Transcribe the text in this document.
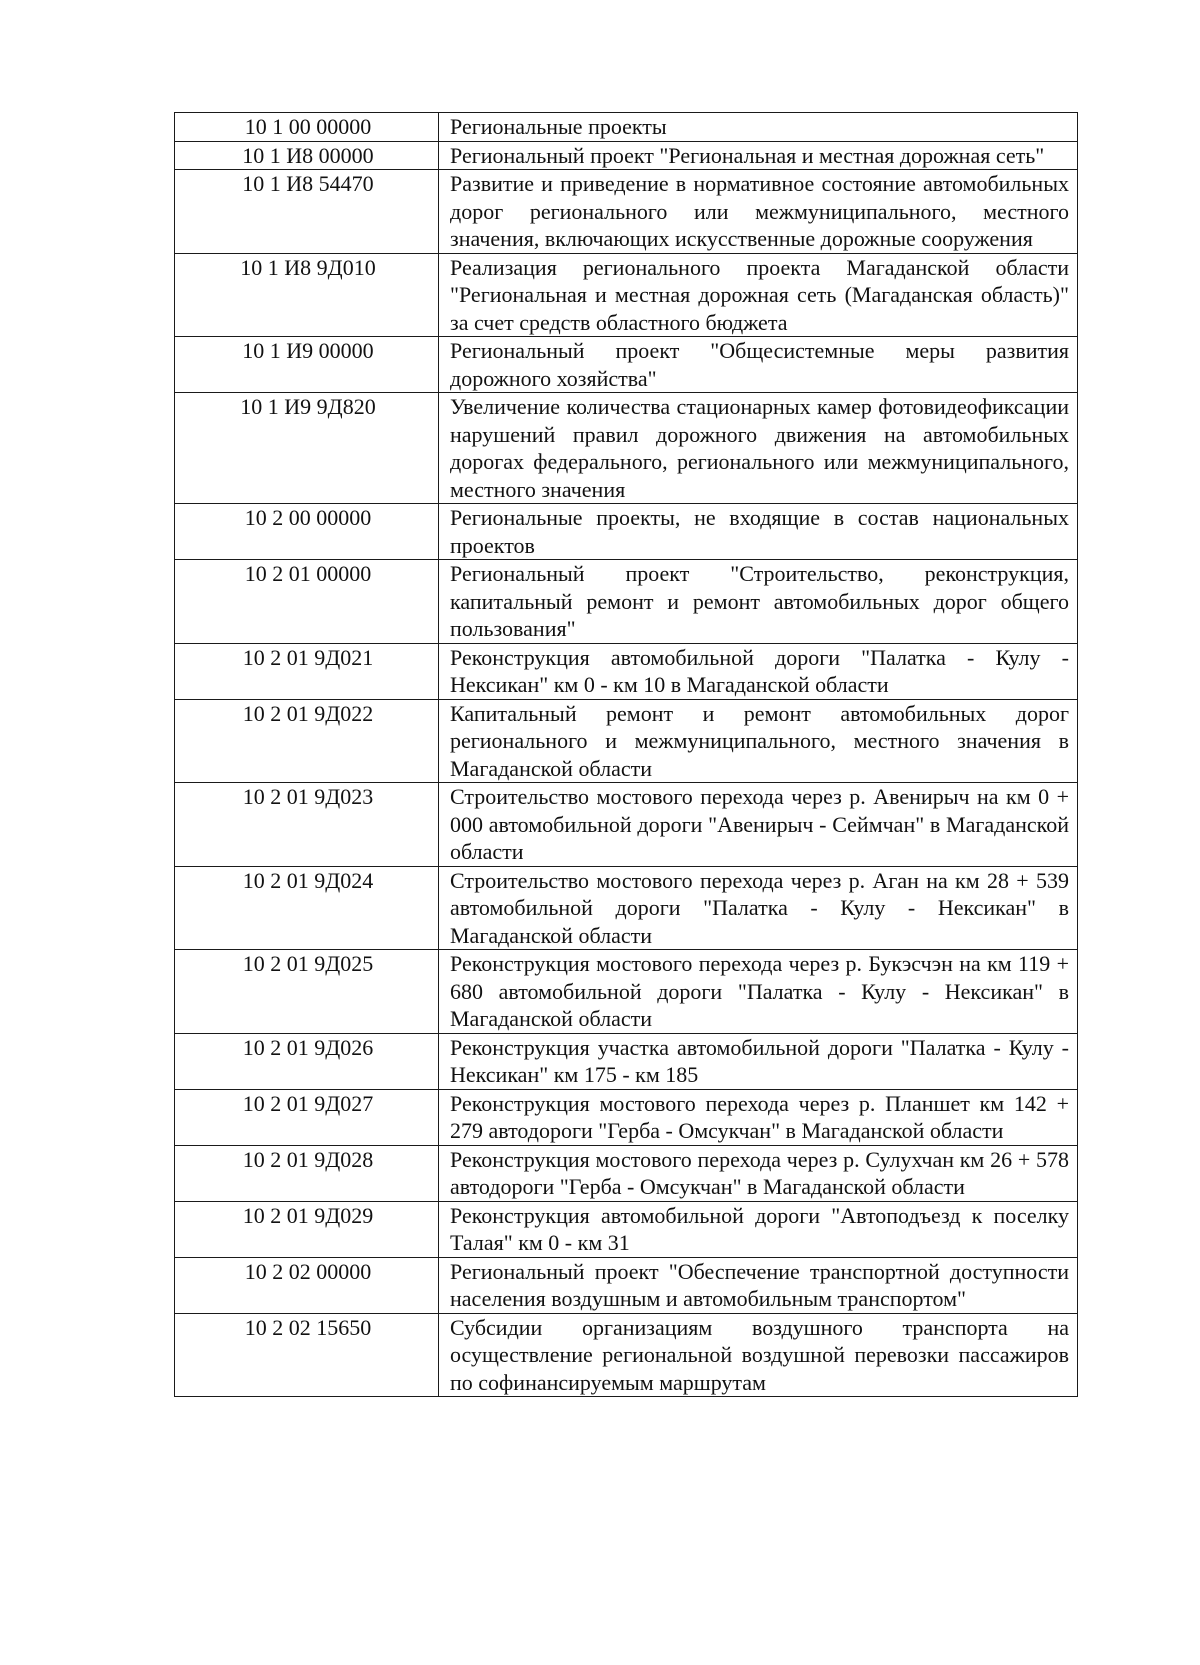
10 1 00 00000	Региональные проекты
10 1 И8 00000	Региональный проект "Региональная и местная дорожная сеть"
10 1 И8 54470	Развитие и приведение в нормативное состояние автомобильных дорог регионального или межмуниципального, местного значения, включающих искусственные дорожные сооружения
10 1 И8 9Д010	Реализация регионального проекта Магаданской области "Региональная и местная дорожная сеть (Магаданская область)" за счет средств областного бюджета
10 1 И9 00000	Региональный проект "Общесистемные меры развития дорожного хозяйства"
10 1 И9 9Д820	Увеличение количества стационарных камер фотовидеофиксации нарушений правил дорожного движения на автомобильных дорогах федерального, регионального или межмуниципального, местного значения
10 2 00 00000	Региональные проекты, не входящие в состав национальных проектов
10 2 01 00000	Региональный проект "Строительство, реконструкция, капитальный ремонт и ремонт автомобильных дорог общего пользования"
10 2 01 9Д021	Реконструкция автомобильной дороги "Палатка - Кулу - Нексикан" км 0 - км 10 в Магаданской области
10 2 01 9Д022	Капитальный ремонт и ремонт автомобильных дорог регионального и межмуниципального, местного значения в Магаданской области
10 2 01 9Д023	Строительство мостового перехода через р. Авенирыч на км 0 + 000 автомобильной дороги "Авенирыч - Сеймчан" в Магаданской области
10 2 01 9Д024	Строительство мостового перехода через р. Аган на км 28 + 539 автомобильной дороги "Палатка - Кулу - Нексикан" в Магаданской области
10 2 01 9Д025	Реконструкция мостового перехода через р. Букэсчэн на км 119 + 680 автомобильной дороги "Палатка - Кулу - Нексикан" в Магаданской области
10 2 01 9Д026	Реконструкция участка автомобильной дороги "Палатка - Кулу - Нексикан" км 175 - км 185
10 2 01 9Д027	Реконструкция мостового перехода через р. Планшет км 142 + 279 автодороги "Герба - Омсукчан" в Магаданской области
10 2 01 9Д028	Реконструкция мостового перехода через р. Сулухчан км 26 + 578 автодороги "Герба - Омсукчан" в Магаданской области
10 2 01 9Д029	Реконструкция автомобильной дороги "Автоподъезд к поселку Талая" км 0 - км 31
10 2 02 00000	Региональный проект "Обеспечение транспортной доступности населения воздушным и автомобильным транспортом"
10 2 02 15650	Субсидии организациям воздушного транспорта на осуществление региональной воздушной перевозки пассажиров по софинансируемым маршрутам
